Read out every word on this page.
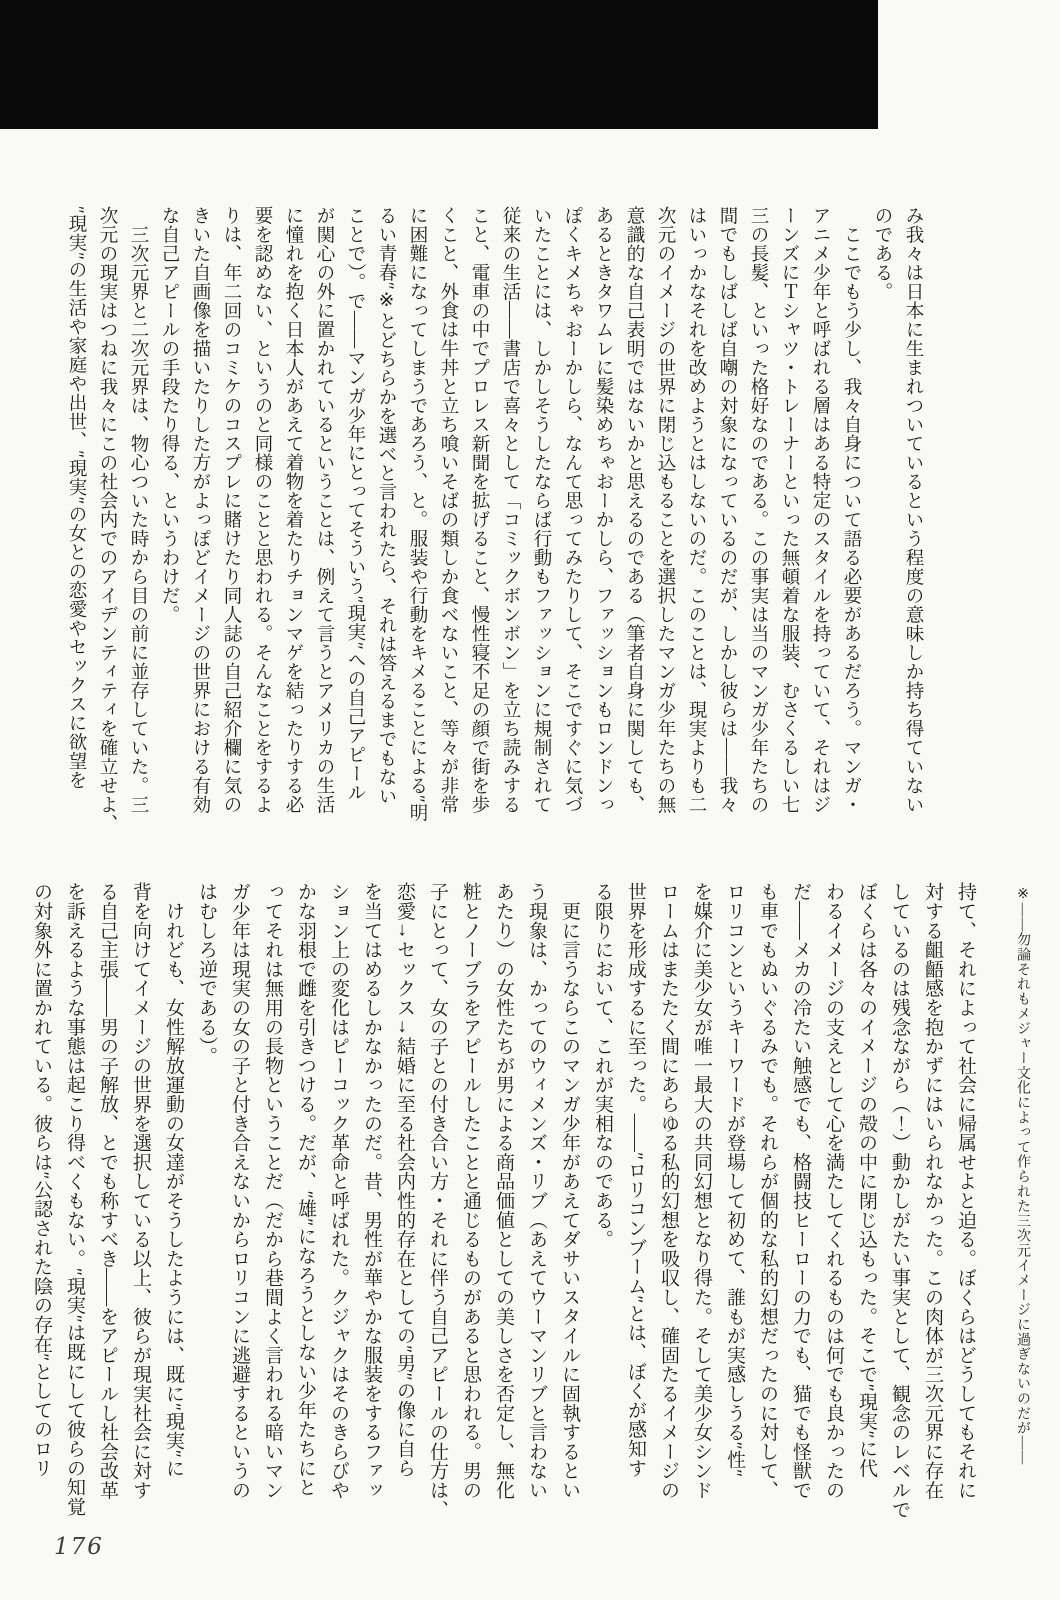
み我々は日本に生まれついているという程度の意味しか持ち得ていない
のである。
　ここでもう少し、我々自身について語る必要があるだろう。マンガ・
アニメ少年と呼ばれる層はある特定のスタイルを持っていて、それはジ
ーンズにＴシャツ・トレーナーといった無頓着な服装、むさくるしい七
三の長髪、といった格好なのである。この事実は当のマンガ少年たちの
間でもしばしば自嘲の対象になっているのだが、しかし彼らは——我々
はいっかなそれを改めようとはしないのだ。このことは、現実よりも二
次元のイメージの世界に閉じ込もることを選択したマンガ少年たちの無
意識的な自己表明ではないかと思えるのである（筆者自身に関しても、
あるときタワムレに髪染めちゃおーかしら、ファッションもロンドンっ
ぽくキメちゃおーかしら、なんて思ってみたりして、そこですぐに気づ
いたことには、しかしそうしたならば行動もファッションに規制されて
従来の生活——書店で喜々として「コミックボンボン」を立ち読みする
こと、電車の中でプロレス新聞を拡げること、慢性寝不足の顔で街を歩
くこと、外食は牛丼と立ち喰いそばの類しか食べないこと、等々が非常
に困難になってしまうであろう、と。服装や行動をキメることによる″明
るい青春″※とどちらかを選べと言われたら、それは答えるまでもない
ことで）。で——マンガ少年にとってそういう″現実″への自己アピール
が関心の外に置かれているということは、例えて言うとアメリカの生活
に憧れを抱く日本人があえて着物を着たりチョンマゲを結ったりする必
要を認めない、というのと同様のことと思われる。そんなことをするよ
りは、年二回のコミケのコスプレに賭けたり同人誌の自己紹介欄に気の
きいた自画像を描いたりした方がよっぽどイメージの世界における有効
な自己アピールの手段たり得る、というわけだ。
　三次元界と二次元界は、物心ついた時から目の前に並存していた。三
次元の現実はつねに我々にこの社会内でのアイデンティティを確立せよ、
″現実″の生活や家庭や出世、″現実″の女との恋愛やセックスに欲望を
※——勿論それもメジャー文化によって作られた三次元イメージに過ぎないのだが——
持て、それによって社会に帰属せよと迫る。ぼくらはどうしてもそれに
対する齟齬感を抱かずにはいられなかった。この肉体が三次元界に存在
しているのは残念ながら（！）動かしがたい事実として、観念のレベルで
ぼくらは各々のイメージの殻の中に閉じ込もった。そこで″現実″に代
わるイメージの支えとして心を満たしてくれるものは何でも良かったの
だ——メカの冷たい触感でも、格闘技ヒーローの力でも、猫でも怪獣で
も車でもぬいぐるみでも。それらが個的な私的幻想だったのに対して、
ロリコンというキーワードが登場して初めて、誰もが実感しうる″性″
を媒介に美少女が唯一最大の共同幻想となり得た。そして美少女シンド
ロームはまたたく間にあらゆる私的幻想を吸収し、確固たるイメージの
世界を形成するに至った。——″ロリコンブーム″とは、ぼくが感知す
る限りにおいて、これが実相なのである。
　更に言うならこのマンガ少年があえてダサいスタイルに固執するとい
う現象は、かってのウィメンズ・リブ（あえてウーマンリブと言わない
あたり）の女性たちが男による商品価値としての美しさを否定し、無化
粧とノーブラをアピールしたことと通じるものがあると思われる。男の
子にとって、女の子との付き合い方・それに伴う自己アピールの仕方は、
恋愛→セックス→結婚に至る社会内性的存在としての″男″の像に自ら
を当てはめるしかなかったのだ。昔、男性が華やかな服装をするファッ
ション上の変化はピーコック革命と呼ばれた。クジャクはそのきらびや
かな羽根で雌を引きつける。だが、″雄″になろうとしない少年たちにと
ってそれは無用の長物ということだ（だから巷間よく言われる暗いマン
ガ少年は現実の女の子と付き合えないからロリコンに逃避するというの
はむしろ逆である）。
　けれども、女性解放運動の女達がそうしたようには、既に″現実″に
背を向けてイメージの世界を選択している以上、彼らが現実社会に対す
る自己主張——男の子解放、とでも称すべき——をアピールし社会改革
を訴えるような事態は起こり得べくもない。″現実″は既にして彼らの知覚
の対象外に置かれている。彼らは″公認された陰の存在″としてのロリ
176
